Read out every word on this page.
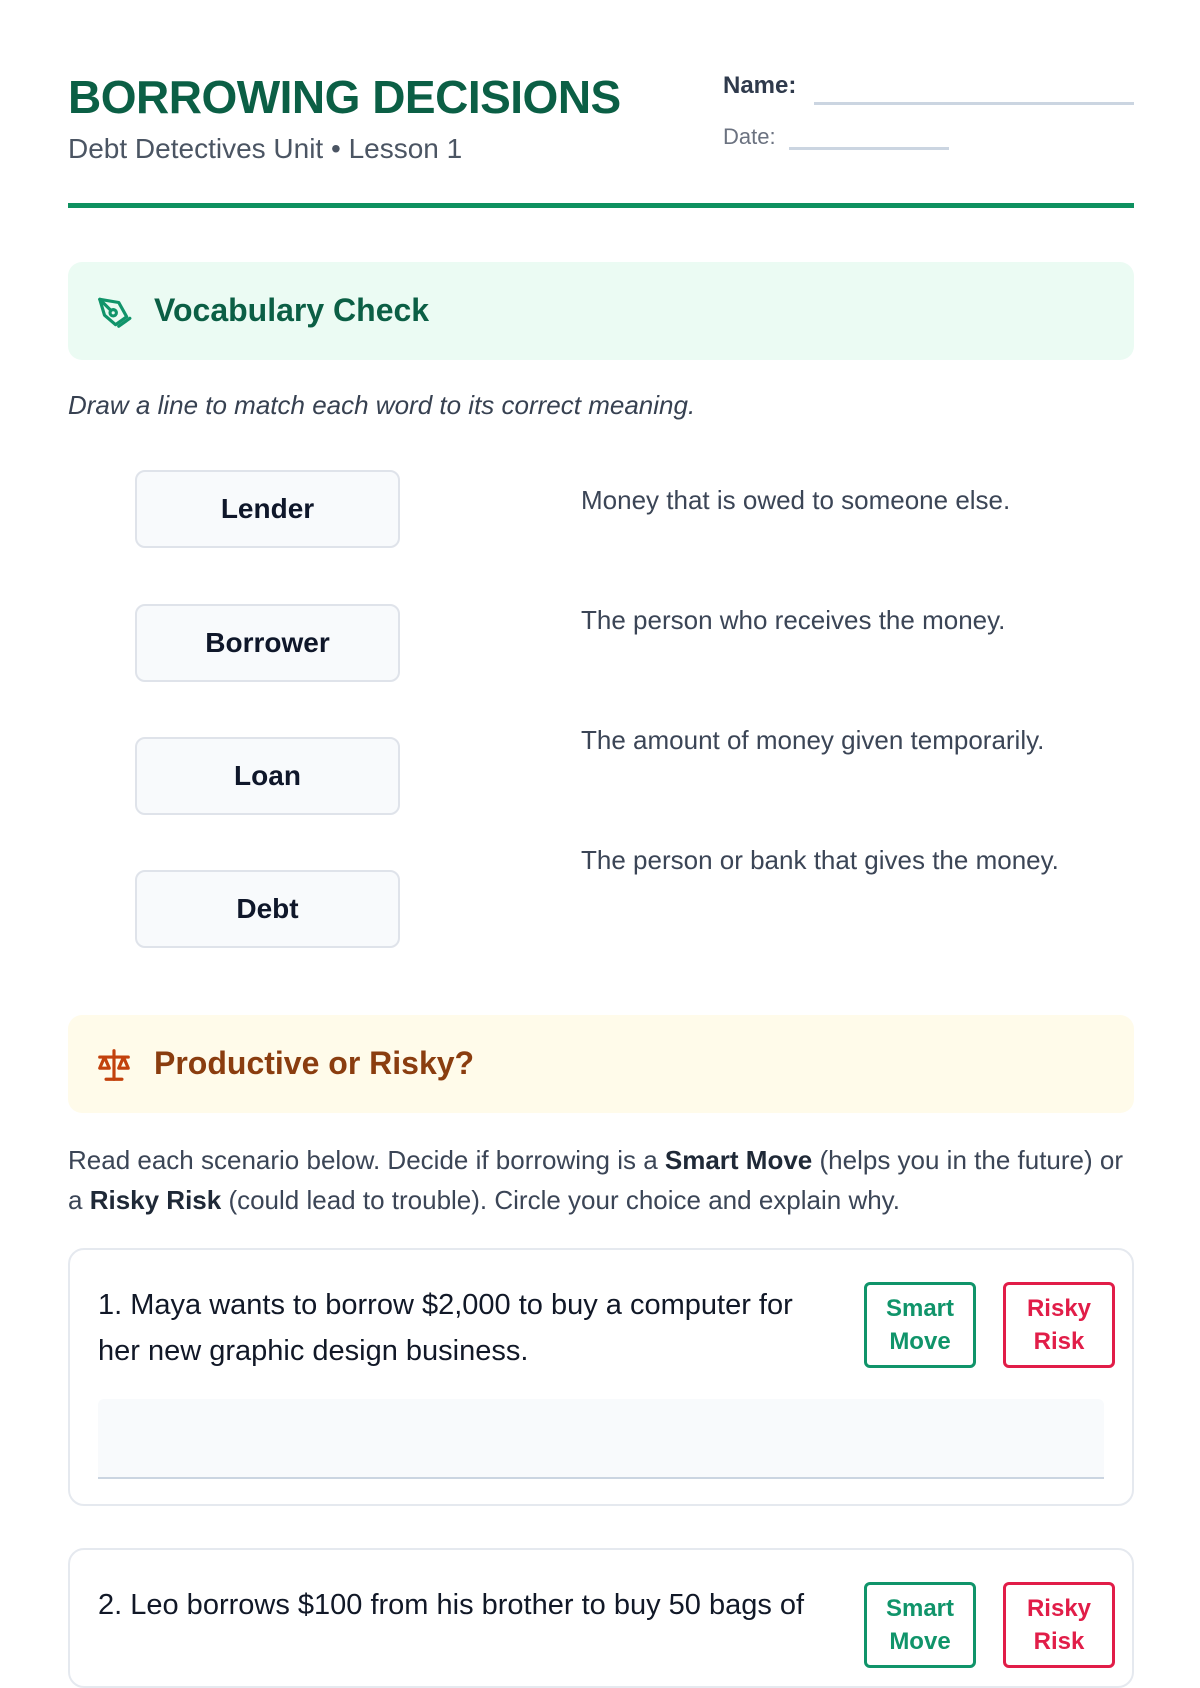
BORROWING DECISIONS
Debt Detectives Unit • Lesson 1
Name:
Date:
Vocabulary Check
Draw a line to match each word to its correct meaning.
Lender
Borrower
Loan
Debt
Money that is owed to someone else.
The person who receives the money.
The amount of money given temporarily.
The person or bank that gives the money.
Productive or Risky?
Read each scenario below. Decide if borrowing is a Smart Move (helps you in the future) or a Risky Risk (could lead to trouble). Circle your choice and explain why.
1. Maya wants to borrow $2,000 to buy a computer for her new graphic design business.
Smart
Move
Risky
Risk
2. Leo borrows $100 from his brother to buy 50 bags of	Smart
Move
Risky
Risk
